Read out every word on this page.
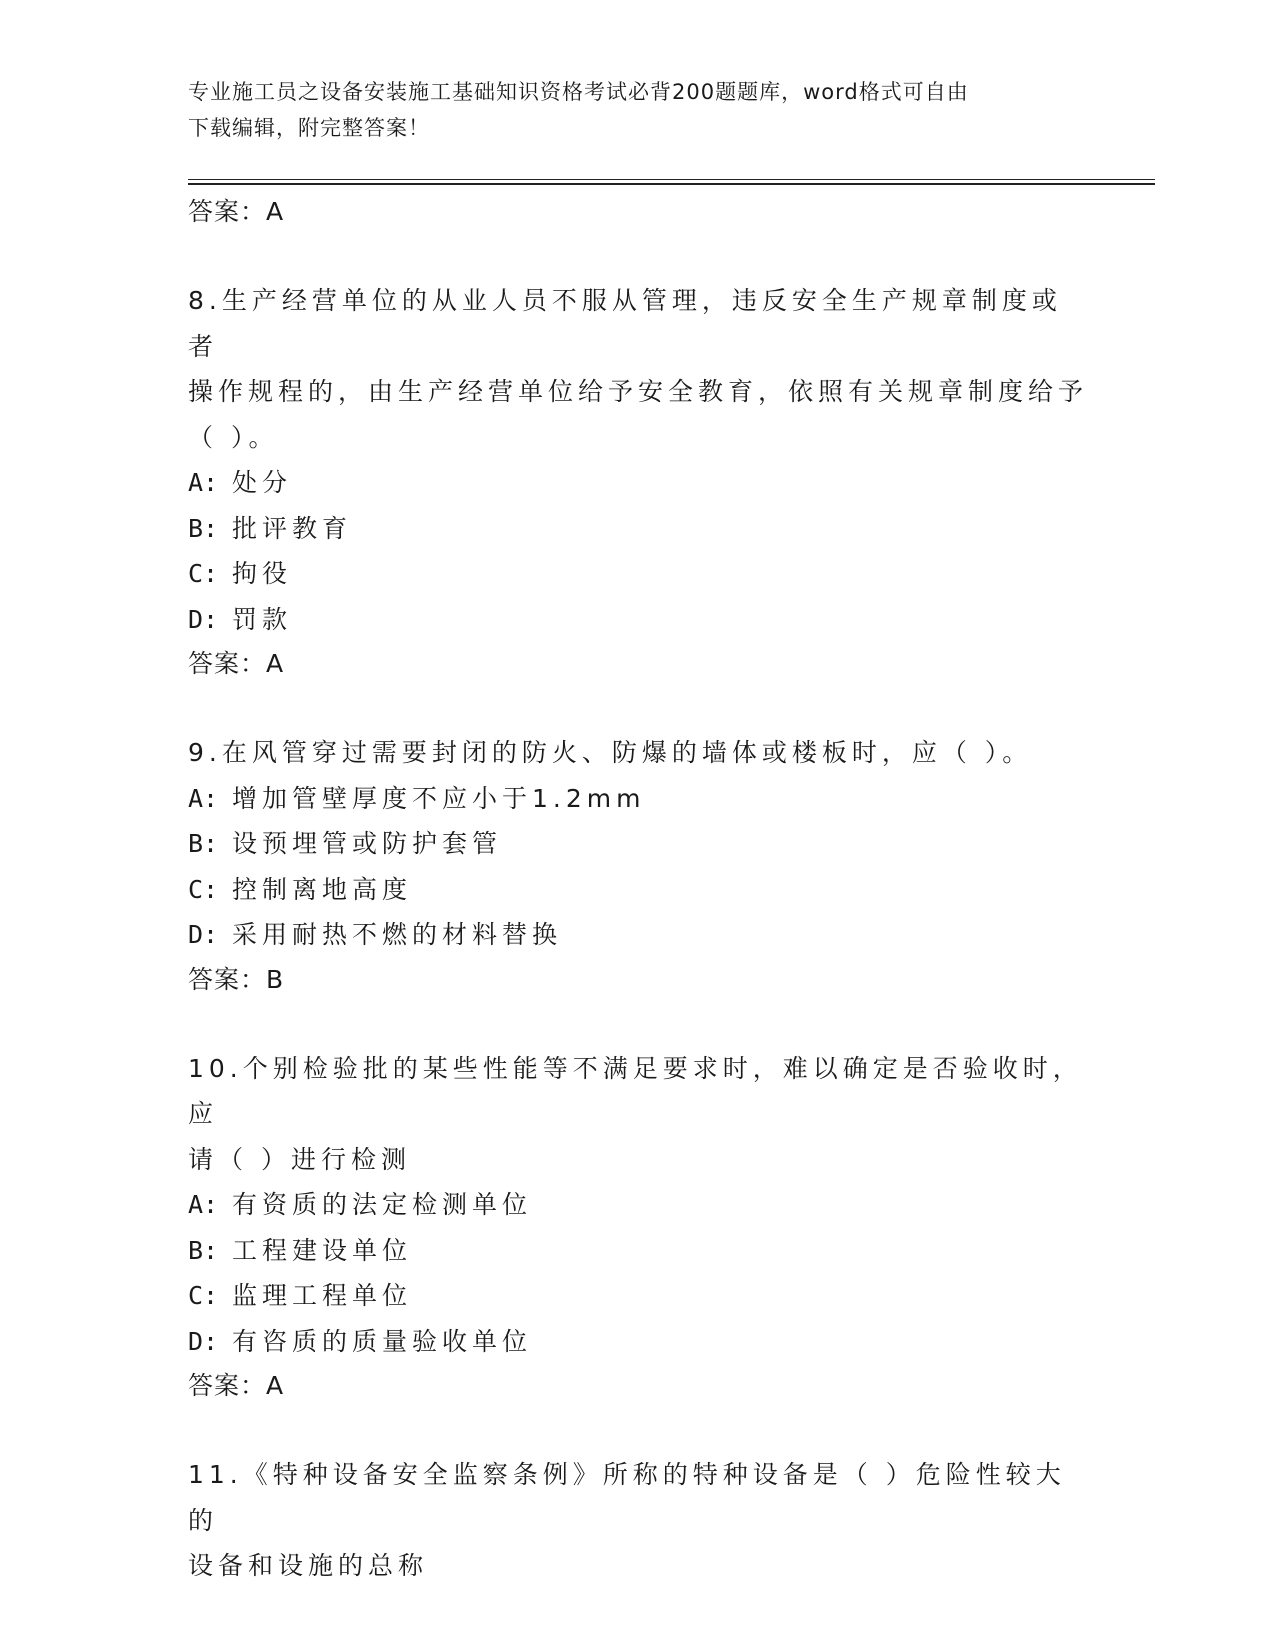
专业施工员之设备安装施工基础知识资格考试必背200题题库，word格式可自由
下载编辑，附完整答案！
答案：A
8.生产经营单位的从业人员不服从管理，违反安全生产规章制度或者
操作规程的，由生产经营单位给予安全教育，依照有关规章制度给予
（ ）。
A: 处分
B: 批评教育
C: 拘役
D: 罚款
答案：A
9.在风管穿过需要封闭的防火、防爆的墙体或楼板时，应（ ）。
A: 增加管壁厚度不应小于1.2mm
B: 设预埋管或防护套管
C: 控制离地高度
D: 采用耐热不燃的材料替换
答案：B
10.个别检验批的某些性能等不满足要求时，难以确定是否验收时，应
请（ ）进行检测
A: 有资质的法定检测单位
B: 工程建设单位
C: 监理工程单位
D: 有咨质的质量验收单位
答案：A
11.《特种设备安全监察条例》所称的特种设备是（ ）危险性较大的
设备和设施的总称
